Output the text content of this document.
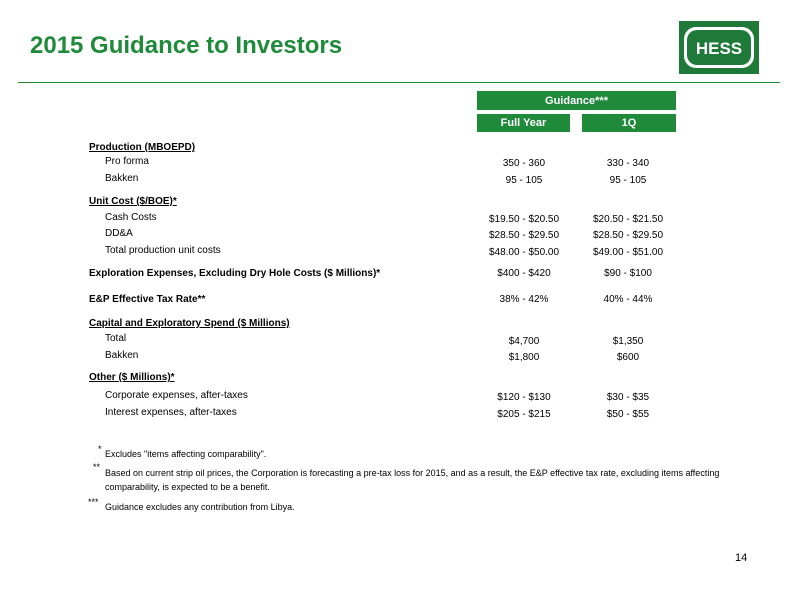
2015 Guidance to Investors	HESS
Guidance***
Full Year	1Q
Production (MBOEPD)
Pro forma	350 - 360	330 - 340
Bakken	95 - 105	95 - 105
Unit Cost ($/BOE)*
Cash Costs	$19.50 - $20.50	$20.50 - $21.50
DD&A	$28.50 - $29.50	$28.50 - $29.50
Total production unit costs	$48.00 - $50.00	$49.00 - $51.00
Exploration Expenses, Excluding Dry Hole Costs ($ Millions)*	$400 - $420	$90 - $100
E&P Effective Tax Rate**	38% - 42%	40% - 44%
Capital and Exploratory Spend ($ Millions)
Total	$4,700	$1,350
Bakken	$1,800	$600
Other ($ Millions)*
Corporate expenses, after-taxes	$120 - $130	$30 - $35
Interest expenses, after-taxes	$205 - $215	$50 - $55
* Excludes "items affecting comparability".
**
Based on current strip oil prices, the Corporation is forecasting a pre-tax loss for 2015, and as a result, the E&P effective tax rate, excluding items affecting comparability, is expected to be a benefit.
*** Guidance excludes any contribution from Libya.
14
